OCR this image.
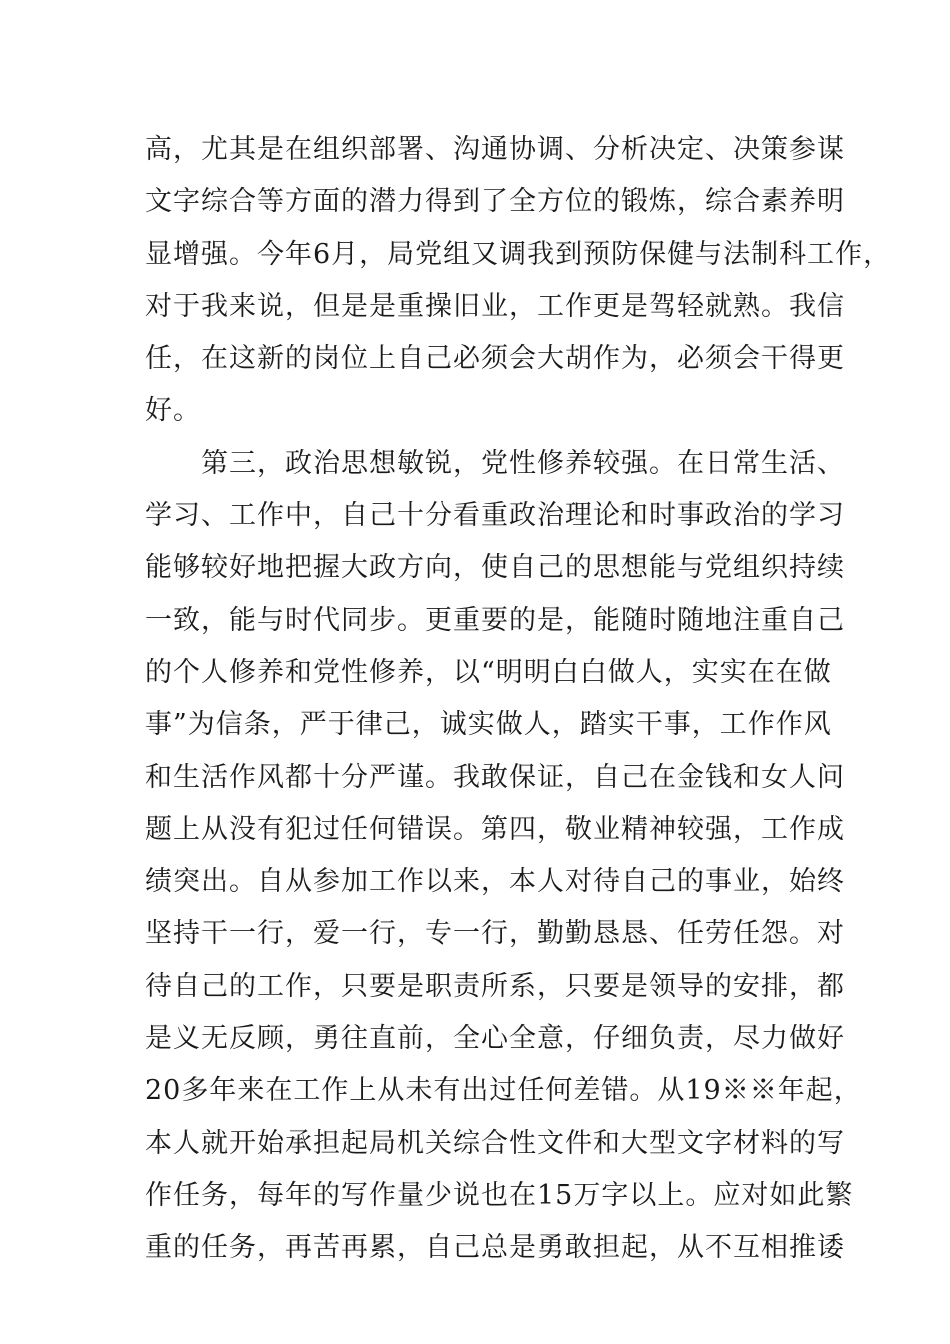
高，尤其是在组织部署、沟通协调、分析决定、决策参谋
文字综合等方面的潜力得到了全方位的锻炼，综合素养明
显增强。今年6月，局党组又调我到预防保健与法制科工作，
对于我来说，但是是重操旧业，工作更是驾轻就熟。我信
任，在这新的岗位上自己必须会大胡作为，必须会干得更
好。
　　第三，政治思想敏锐，党性修养较强。在日常生活、
学习、工作中，自己十分看重政治理论和时事政治的学习
能够较好地把握大政方向，使自己的思想能与党组织持续
一致，能与时代同步。更重要的是，能随时随地注重自己
的个人修养和党性修养，以“明明白白做人，实实在在做
事”为信条，严于律己，诚实做人，踏实干事，工作作风
和生活作风都十分严谨。我敢保证，自己在金钱和女人问
题上从没有犯过任何错误。第四，敬业精神较强，工作成
绩突出。自从参加工作以来，本人对待自己的事业，始终
坚持干一行，爱一行，专一行，勤勤恳恳、任劳任怨。对
待自己的工作，只要是职责所系，只要是领导的安排，都
是义无反顾，勇往直前，全心全意，仔细负责，尽力做好
20多年来在工作上从未有出过任何差错。从19※※年起，
本人就开始承担起局机关综合性文件和大型文字材料的写
作任务，每年的写作量少说也在15万字以上。应对如此繁
重的任务，再苦再累，自己总是勇敢担起，从不互相推诿
